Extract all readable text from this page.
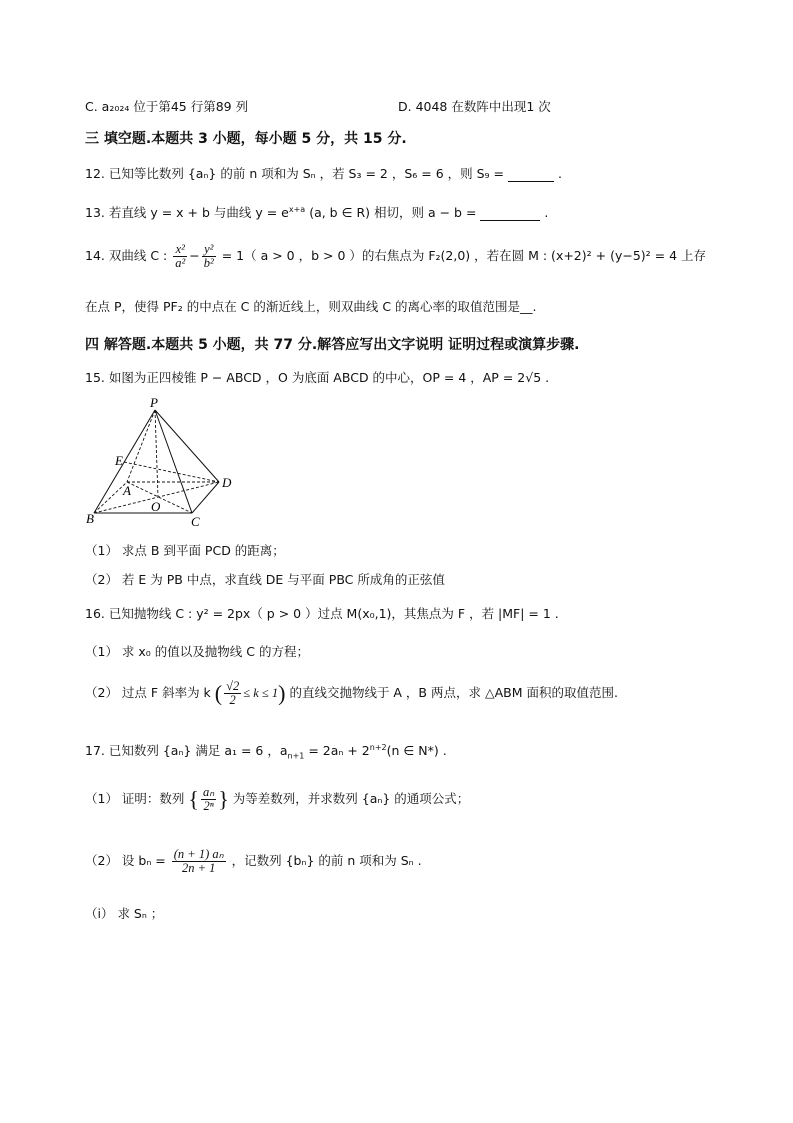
C. a₂₀₂₄ 位于第45 行第89 列	D. 4048 在数阵中出现1 次
三 填空题.本题共 3 小题，每小题 5 分，共 15 分.
12. 已知等比数列 {aₙ} 的前 n 项和为 Sₙ ，若 S₃ = 2 ，S₆ = 6 ，则 S₉ =	.
13. 若直线 y = x + b 与曲线 $y = e^{x+a}$ (a, b ∈ R) 相切，则 a − b =	.
14. 双曲线 C : $\frac{\text{x²}}{\text{a²}} - \frac{\text{y²}}{\text{b²}} = 1$（ a > 0 ，b > 0 ）的右焦点为 F₂(2,0) ，若在圆 M : (x+2)² + (y−5)² = 4 上存
在点 P，使得 PF₂ 的中点在 C 的渐近线上，则双曲线 C 的离心率的取值范围是__.
四 解答题.本题共 5 小题，共 77 分.解答应写出文字说明 证明过程或演算步骤.
15. 如图为正四棱锥 P − ABCD ，O 为底面 ABCD 的中心，OP = 4 ，AP = 2√5 .
P
E
A
D
O
B	C
（1） 求点 B 到平面 PCD 的距离；
（2） 若 E 为 PB 中点，求直线 DE 与平面 PBC 所成角的正弦值
16. 已知抛物线 C : y² = 2px（ p > 0 ）过点 M(x₀,1)，其焦点为 F ，若 |MF| = 1 .
（1） 求 x₀ 的值以及抛物线 C 的方程；
（2） 过点 F 斜率为 k ( $\frac{√2}{2} \le k \le 1$) 的直线交抛物线于 A ，B 两点，求 △ABM 面积的取值范围.
17. 已知数列 {aₙ} 满足 a₁ = 6 ，$a_{n+1} = 2a_n + 2^{n+2}(n$ ∈ N*) .
（1） 证明：数列 { $\frac{\text{aₙ}}{\text{2ⁿ}}$ } 为等差数列，并求数列 {aₙ} 的通项公式；
（2） 设 $b_n = \frac{\text{(n + 1) aₙ}}{2n + 1}$ ，记数列 {bₙ} 的前 n 项和为 Sₙ .
（i） 求 Sₙ ；
